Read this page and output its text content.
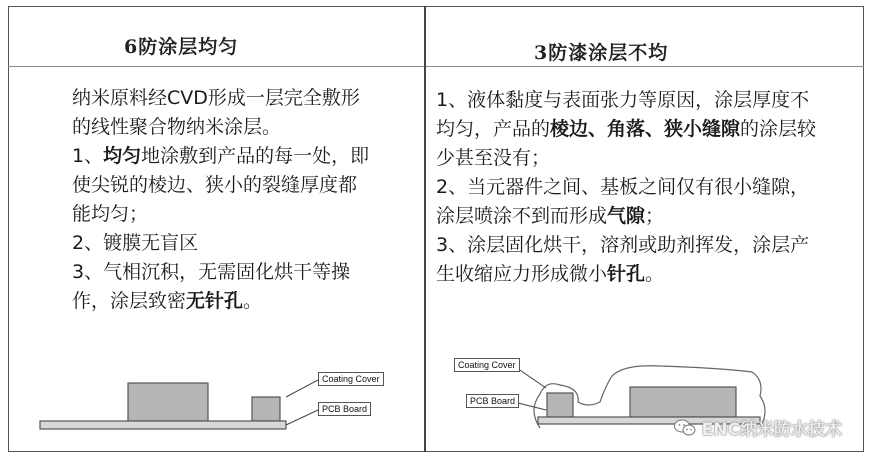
6防涂层均匀

纳米原料经CVD形成一层完全敷形的线性聚合物纳米涂层。

1、均匀地涂敷到产品的每一处，即使尖锐的棱边、狭小的裂缝厚度都能均匀；

2、镀膜无盲区

3、气相沉积，无需固化烘干等操作，涂层致密无针孔。

Coating Cover
PCB Board
3防漆涂层不均

1、液体黏度与表面张力等原因，涂层厚度不均匀，产品的棱边、角落、狭小缝隙的涂层较少甚至没有；

2、当元器件之间、基板之间仅有很小缝隙，涂层喷涂不到而形成气隙；

3、涂层固化烘干，溶剂或助剂挥发，涂层产生收缩应力形成微小针孔。

Coating Cover
PCB Board
ENC纳米防水技术
